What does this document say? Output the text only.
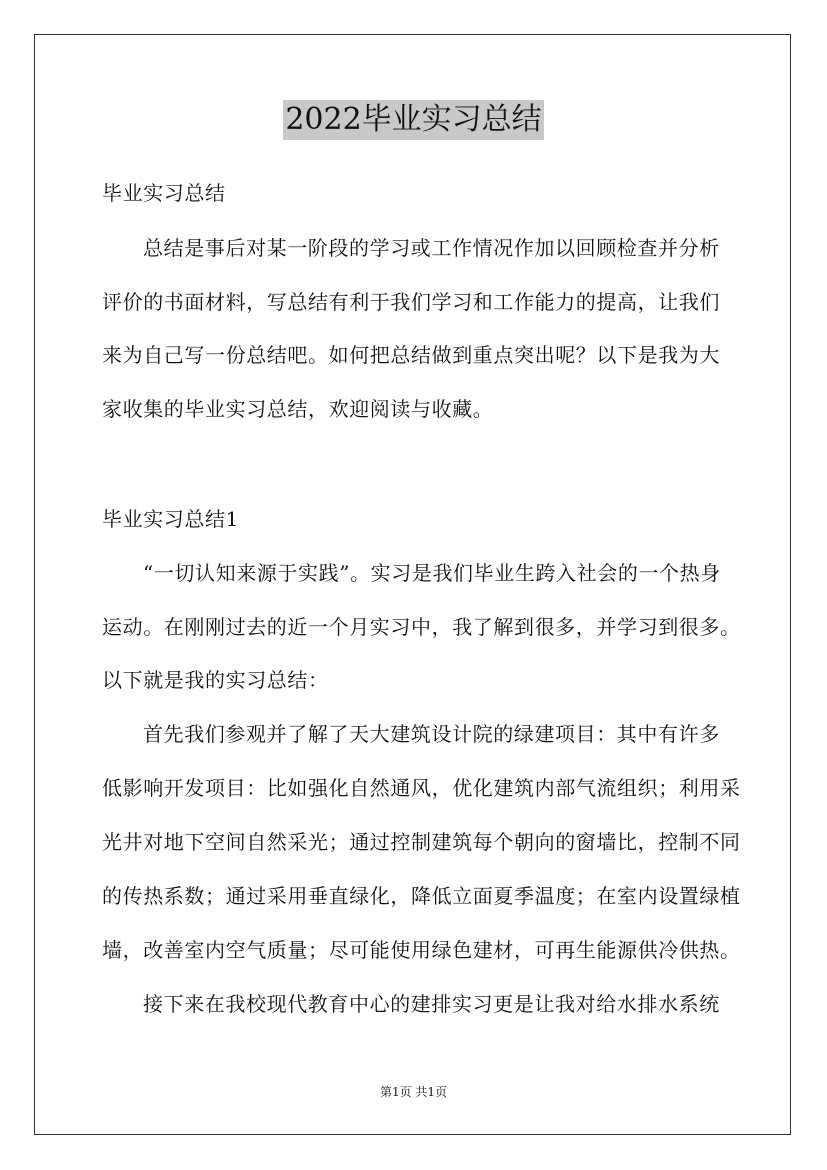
2022毕业实习总结
毕业实习总结
总结是事后对某一阶段的学习或工作情况作加以回顾检查并分析
评价的书面材料，写总结有利于我们学习和工作能力的提高，让我们
来为自己写一份总结吧。如何把总结做到重点突出呢？以下是我为大
家收集的毕业实习总结，欢迎阅读与收藏。
毕业实习总结1
“一切认知来源于实践”。实习是我们毕业生跨入社会的一个热身
运动。在刚刚过去的近一个月实习中，我了解到很多，并学习到很多。
以下就是我的实习总结：
首先我们参观并了解了天大建筑设计院的绿建项目：其中有许多
低影响开发项目：比如强化自然通风，优化建筑内部气流组织；利用采
光井对地下空间自然采光；通过控制建筑每个朝向的窗墙比，控制不同
的传热系数；通过采用垂直绿化，降低立面夏季温度；在室内设置绿植
墙，改善室内空气质量；尽可能使用绿色建材，可再生能源供冷供热。
接下来在我校现代教育中心的建排实习更是让我对给水排水系统
第1页 共1页
